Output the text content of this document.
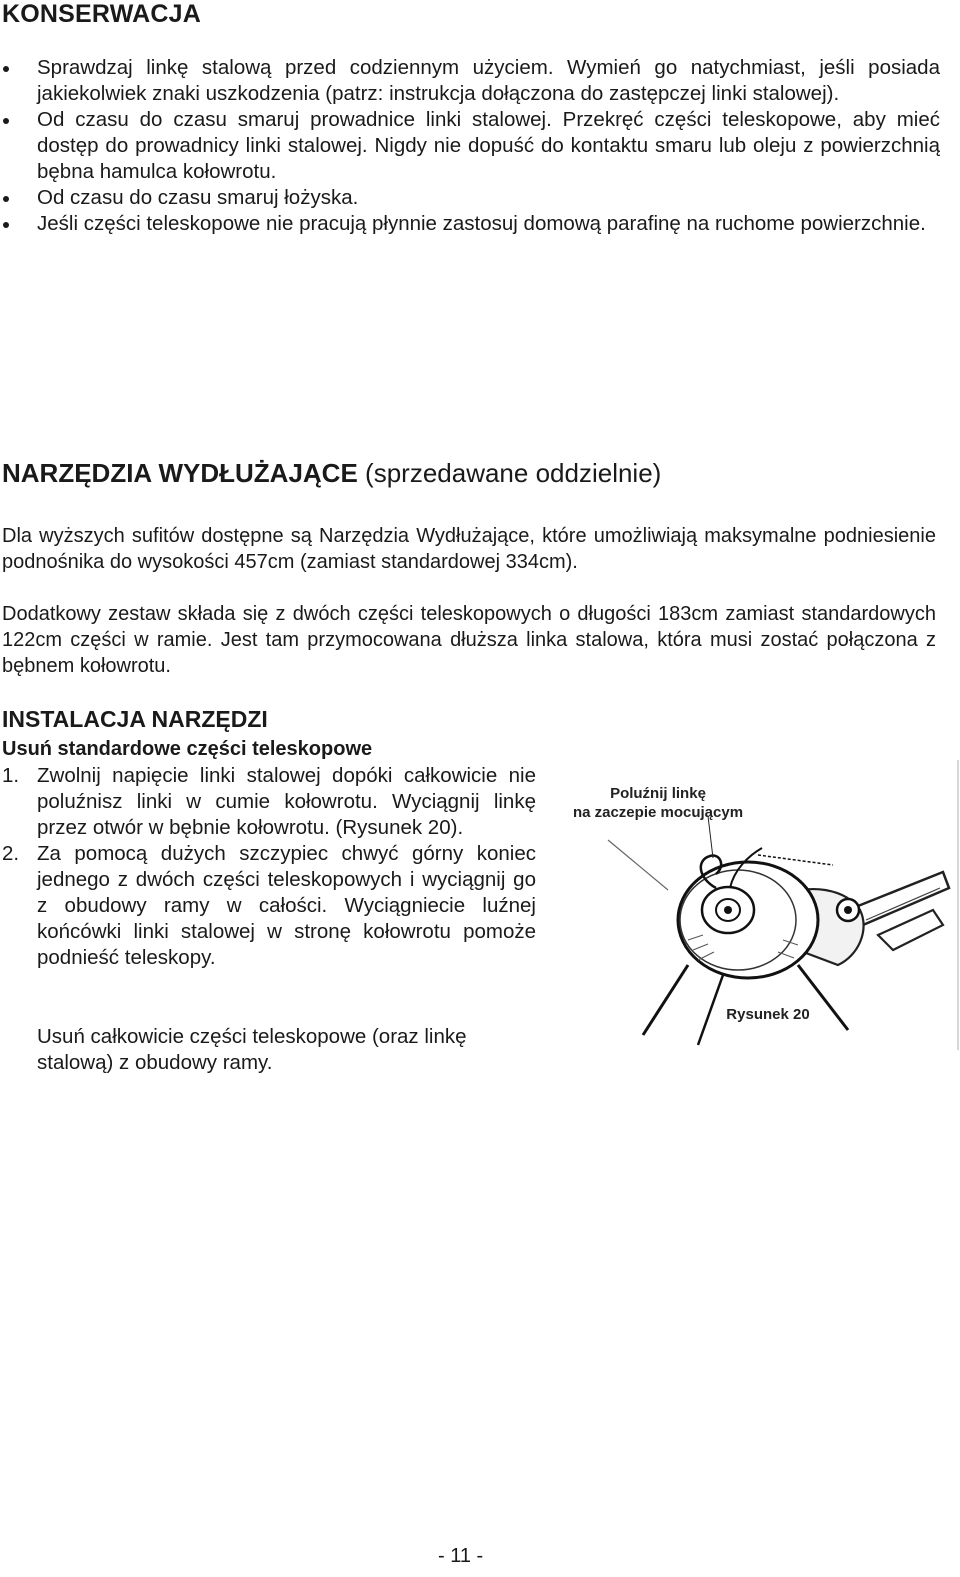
KONSERWACJA
Sprawdzaj linkę stalową przed codziennym użyciem. Wymień go natychmiast, jeśli posiada jakiekolwiek znaki uszkodzenia (patrz: instrukcja dołączona do zastępczej linki stalowej).
Od czasu do czasu smaruj prowadnice linki stalowej. Przekręć części teleskopowe, aby mieć dostęp do prowadnicy linki stalowej. Nigdy nie dopuść do kontaktu smaru lub oleju z powierzchnią bębna hamulca kołowrotu.
Od czasu do czasu smaruj łożyska.
Jeśli części teleskopowe nie pracują płynnie zastosuj domową parafinę na ruchome powierzchnie.
NARZĘDZIA WYDŁUŻAJĄCE (sprzedawane oddzielnie)

Dla wyższych sufitów dostępne są Narzędzia Wydłużające, które umożliwiają maksymalne podniesienie podnośnika do wysokości 457cm (zamiast standardowej 334cm).

Dodatkowy zestaw składa się z dwóch części teleskopowych o długości 183cm zamiast standardowych 122cm części w ramie. Jest tam przymocowana dłuższa linka stalowa, która musi zostać połączona z bębnem kołowrotu.

INSTALACJA NARZĘDZI
Usuń standardowe części teleskopowe
1. Zwolnij napięcie linki stalowej dopóki całkowicie nie poluźnisz linki w cumie kołowrotu. Wyciągnij linkę przez otwór w bębnie kołowrotu. (Rysunek 20).
2. Za pomocą dużych szczypiec chwyć górny koniec jednego z dwóch części teleskopowych i wyciągnij go z obudowy ramy w całości. Wyciągniecie luźnej końcówki linki stalowej w stronę kołowrotu pomoże podnieść teleskopy.

Usuń całkowicie części teleskopowe (oraz linkę stalową) z obudowy ramy.

Poluźnij linkę
na zaczepie mocującym
Rysunek 20
- 11 -
